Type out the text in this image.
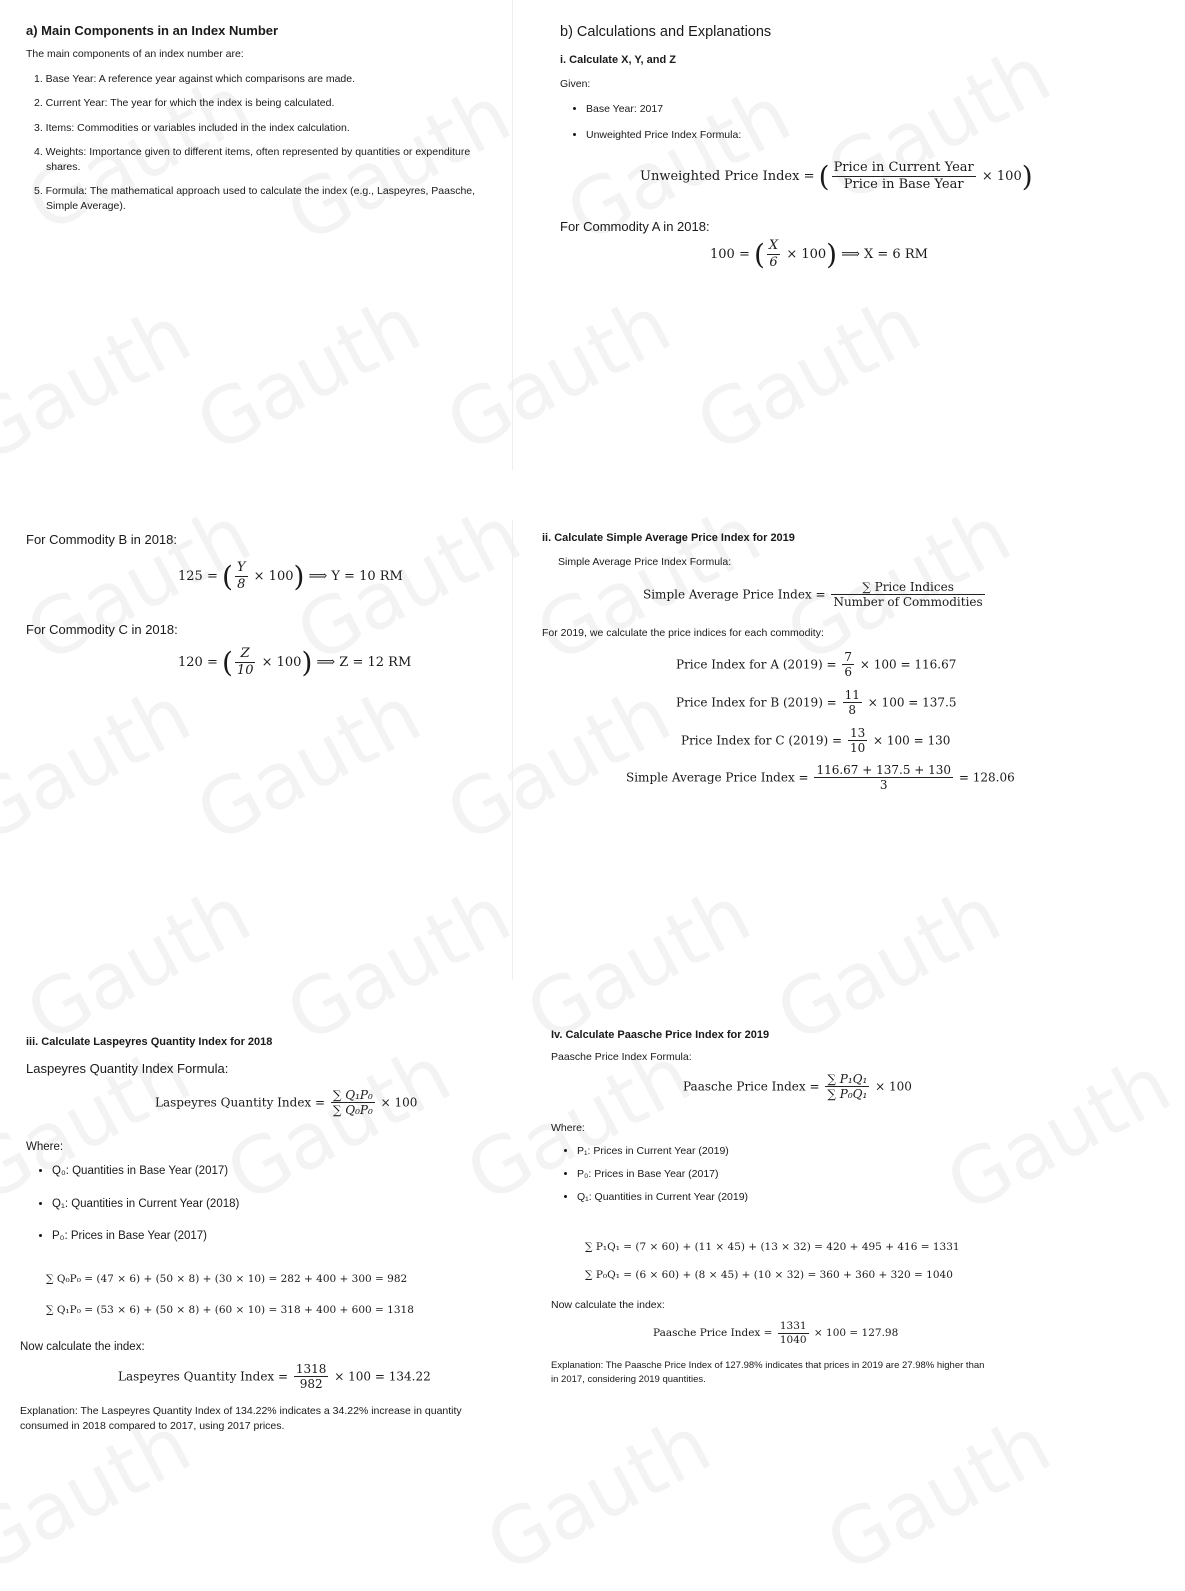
a) Main Components in an Index Number
The main components of an index number are:
1. Base Year: A reference year against which comparisons are made.
2. Current Year: The year for which the index is being calculated.
3. Items: Commodities or variables included in the index calculation.
4. Weights: Importance given to different items, often represented by quantities or expenditure shares.
5. Formula: The mathematical approach used to calculate the index (e.g., Laspeyres, Paasche, Simple Average).
b) Calculations and Explanations
i. Calculate X, Y, and Z
Given:
• Base Year: 2017
• Unweighted Price Index Formula:
Unweighted Price Index = ( $\frac{\text{Price in Current Year}}{\text{Price in Base Year}} \times 100$)
For Commodity A in 2018:
100 = ( $\frac{X}{6} \times 100$) ⟹ X = 6 RM
For Commodity B in 2018:
125 = ( $\frac{Y}{8} \times 100$) ⟹ Y = 10 RM
For Commodity C in 2018:
120 = ( $\frac{Z}{10} \times 100$) ⟹ Z = 12 RM
ii. Calculate Simple Average Price Index for 2019
Simple Average Price Index Formula:
Simple Average Price Index = $\frac{\text{∑ Price Indices}}{\text{Number of Commodities}}$
For 2019, we calculate the price indices for each commodity:
Price Index for A $(2019) = \frac{7}{6} \times 100 = 116.67$
Price Index for B $(2019) = \frac{11}{8} \times 100 = 137.5$
Price Index for C $(2019) = \frac{13}{10} \times 100 = 130$
Simple Average Price Index = $\frac{116.67 + 137.5 + 130}{3} = 128.06$
iii. Calculate Laspeyres Quantity Index for 2018
Laspeyres Quantity Index Formula:
Laspeyres Quantity Index = $\frac{\text{∑ Q₁P₀}}{\text{∑ Q₀P₀}} \times 100$
Where:
• Q₀: Quantities in Base Year (2017)
• Q₁: Quantities in Current Year (2018)
• P₀: Prices in Base Year (2017)
∑ Q₀P₀ = (47 × 6) + (50 × 8) + (30 × 10) = 282 + 400 + 300 = 982
∑ Q₁P₀ = (53 × 6) + (50 × 8) + (60 × 10) = 318 + 400 + 600 = 1318
Now calculate the index:
Laspeyres Quantity Index = $\frac{1318}{982} \times 100 = 134.22$
Explanation: The Laspeyres Quantity Index of 134.22% indicates a 34.22% increase in quantity consumed in 2018 compared to 2017, using 2017 prices.
Iv. Calculate Paasche Price Index for 2019
Paasche Price Index Formula:
Paasche Price Index = $\frac{\text{∑ P₁Q₁}}{\text{∑ P₀Q₁}} \times 100$
Where:
• P₁: Prices in Current Year (2019)
• P₀: Prices in Base Year (2017)
• Q₁: Quantities in Current Year (2019)
∑ P₁Q₁ = (7 × 60) + (11 × 45) + (13 × 32) = 420 + 495 + 416 = 1331
∑ P₀Q₁ = (6 × 60) + (8 × 45) + (10 × 32) = 360 + 360 + 320 = 1040
Now calculate the index:
Paasche Price Index = $\frac{1331}{1040} \times 100 = 127.98$
Explanation: The Paasche Price Index of 127.98% indicates that prices in 2019 are 27.98% higher than in 2017, considering 2019 quantities.
